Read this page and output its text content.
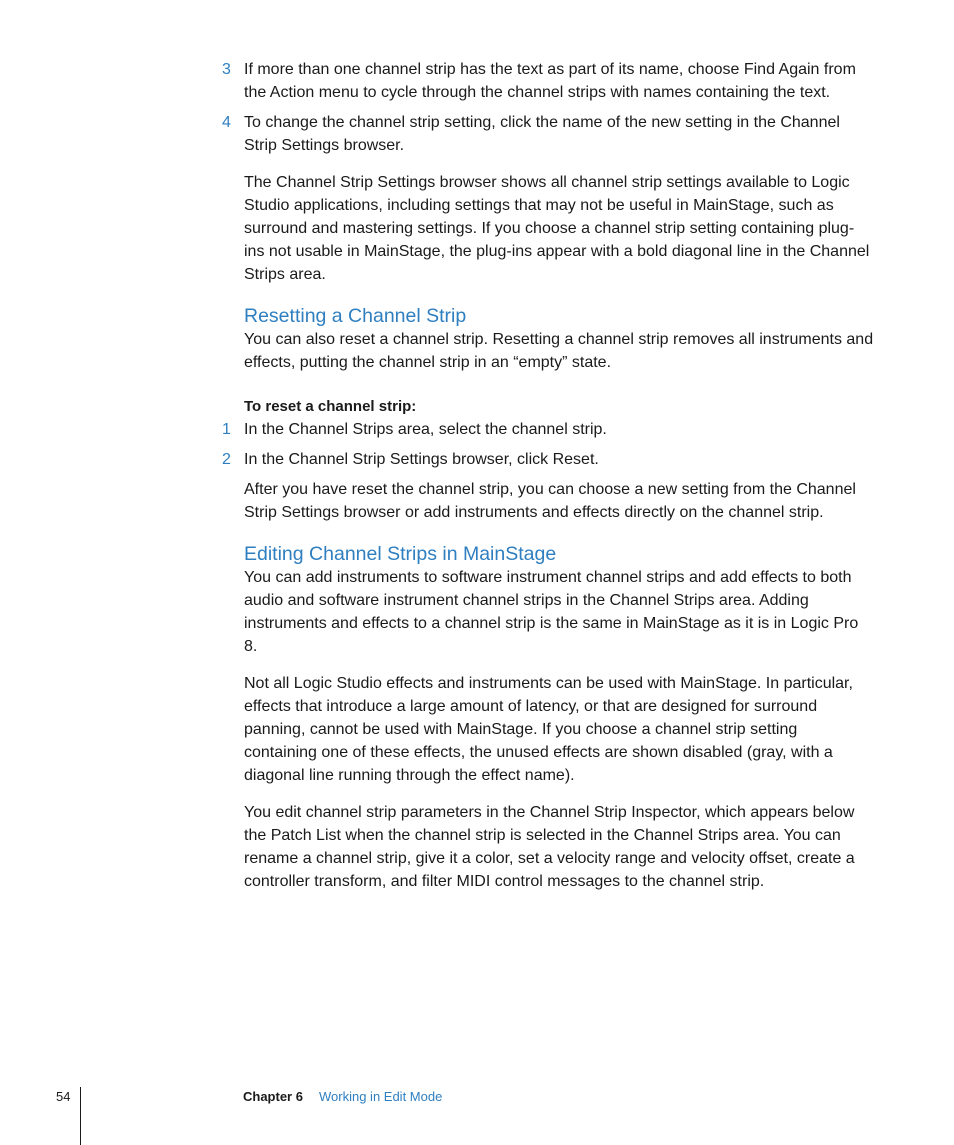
3 If more than one channel strip has the text as part of its name, choose Find Again from the Action menu to cycle through the channel strips with names containing the text.
4 To change the channel strip setting, click the name of the new setting in the Channel Strip Settings browser.

The Channel Strip Settings browser shows all channel strip settings available to Logic Studio applications, including settings that may not be useful in MainStage, such as surround and mastering settings. If you choose a channel strip setting containing plug-ins not usable in MainStage, the plug-ins appear with a bold diagonal line in the Channel Strips area.

Resetting a Channel Strip

You can also reset a channel strip. Resetting a channel strip removes all instruments and effects, putting the channel strip in an “empty” state.

To reset a channel strip:
1 In the Channel Strips area, select the channel strip.
2 In the Channel Strip Settings browser, click Reset.

After you have reset the channel strip, you can choose a new setting from the Channel Strip Settings browser or add instruments and effects directly on the channel strip.

Editing Channel Strips in MainStage

You can add instruments to software instrument channel strips and add effects to both audio and software instrument channel strips in the Channel Strips area. Adding instruments and effects to a channel strip is the same in MainStage as it is in Logic Pro 8.

Not all Logic Studio effects and instruments can be used with MainStage. In particular, effects that introduce a large amount of latency, or that are designed for surround panning, cannot be used with MainStage. If you choose a channel strip setting containing one of these effects, the unused effects are shown disabled (gray, with a diagonal line running through the effect name).

You edit channel strip parameters in the Channel Strip Inspector, which appears below the Patch List when the channel strip is selected in the Channel Strips area. You can rename a channel strip, give it a color, set a velocity range and velocity offset, create a controller transform, and filter MIDI control messages to the channel strip.

54	Chapter 6 Working in Edit Mode
